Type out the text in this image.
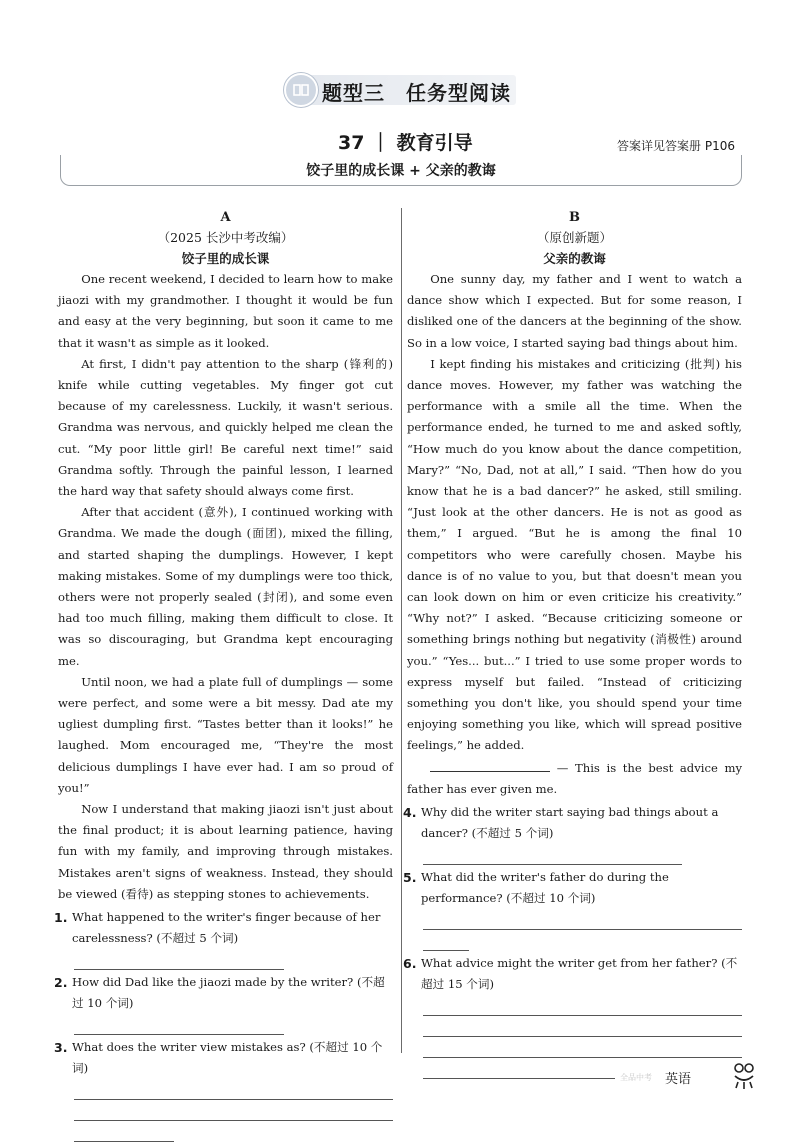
题型三　任务型阅读
37 ｜ 教育引导	答案详见答案册 P106
饺子里的成长课 + 父亲的教诲
A
（2025 长沙中考改编）
饺子里的成长课

One recent weekend, I decided to learn how to make jiaozi with my grandmother. I thought it would be fun and easy at the very beginning, but soon it came to me that it wasn't as simple as it looked.

At first, I didn't pay attention to the sharp (锋利的) knife while cutting vegetables. My finger got cut because of my carelessness. Luckily, it wasn't serious. Grandma was nervous, and quickly helped me clean the cut. “My poor little girl! Be careful next time!” said Grandma softly. Through the painful lesson, I learned the hard way that safety should always come first.

After that accident (意外), I continued working with Grandma. We made the dough (面团), mixed the filling, and started shaping the dumplings. However, I kept making mistakes. Some of my dumplings were too thick, others were not properly sealed (封闭), and some even had too much filling, making them difficult to close. It was so discouraging, but Grandma kept encouraging me.

Until noon, we had a plate full of dumplings — some were perfect, and some were a bit messy. Dad ate my ugliest dumpling first. “Tastes better than it looks!” he laughed. Mom encouraged me, “They're the most delicious dumplings I have ever had. I am so proud of you!”

Now I understand that making jiaozi isn't just about the final product; it is about learning patience, having fun with my family, and improving through mistakes. Mistakes aren't signs of weakness. Instead, they should be viewed (看待) as stepping stones to achievements.

1. What happened to the writer's finger because of her carelessness? (不超过 5 个词)
2. How did Dad like the jiaozi made by the writer? (不超过 10 个词)
3. What does the writer view mistakes as? (不超过 10 个词)
B
（原创新题）
父亲的教诲

One sunny day, my father and I went to watch a dance show which I expected. But for some reason, I disliked one of the dancers at the beginning of the show. So in a low voice, I started saying bad things about him.

I kept finding his mistakes and criticizing (批判) his dance moves. However, my father was watching the performance with a smile all the time. When the performance ended, he turned to me and asked softly, “How much do you know about the dance competition, Mary?” “No, Dad, not at all,” I said. “Then how do you know that he is a bad dancer?” he asked, still smiling. “Just look at the other dancers. He is not as good as them,” I argued. “But he is among the final 10 competitors who were carefully chosen. Maybe his dance is of no value to you, but that doesn't mean you can look down on him or even criticize his creativity.” “Why not?” I asked. “Because criticizing someone or something brings nothing but negativity (消极性) around you.” “Yes... but...” I tried to use some proper words to express myself but failed. “Instead of criticizing something you don't like, you should spend your time enjoying something you like, which will spread positive feelings,” he added.

— This is the best advice my father has ever given me.

4. Why did the writer start saying bad things about a dancer? (不超过 5 个词)
5. What did the writer's father do during the performance? (不超过 10 个词)
6. What advice might the writer get from her father? (不超过 15 个词)
全品中考 英语
